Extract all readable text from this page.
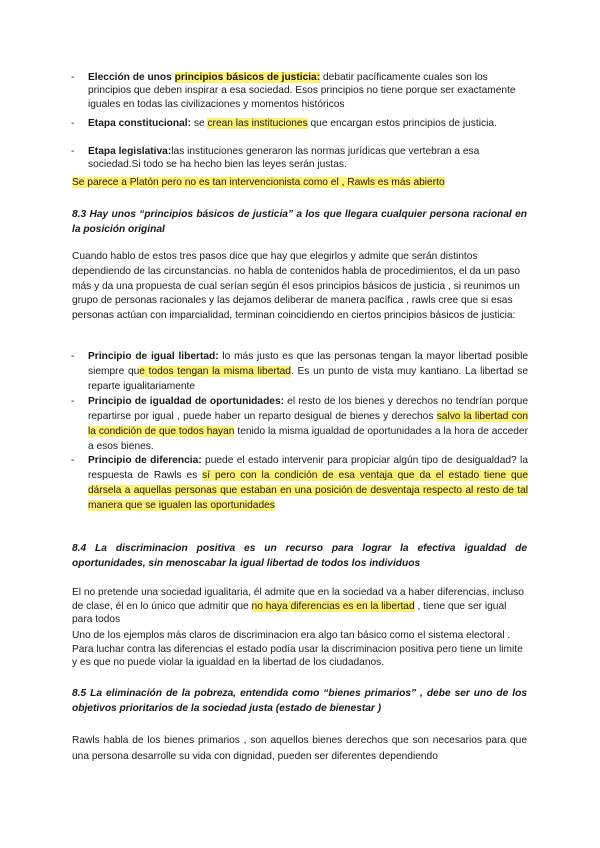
- Elección de unos principios básicos de justicia: debatir pacíficamente cuales son los principios que deben inspirar a esa sociedad. Esos principios no tiene porque ser exactamente iguales en todas las civilizaciones y momentos históricos
- Etapa constitucional: se crean las instituciones que encargan estos principios de justicia.
- Etapa legislativa:las instituciones generaron las normas jurídicas que vertebran a esa sociedad.Si todo se ha hecho bien las leyes serán justas.
Se parece a Platón pero no es tan intervencionista como el , Rawls es más abierto
8.3 Hay unos “principios básicos de justicia” a los que llegara cualquier persona racional en la posición original
Cuando hablo de estos tres pasos dice que hay que elegirlos y admite que serán distintos dependiendo de las circunstancias. no habla de contenidos habla de procedimientos, el da un paso más y da una propuesta de cual serían según él esos principios básicos de justicia , si reunimos un grupo de personas racionales y las dejamos deliberar de manera pacífica , rawls cree que si esas personas actúan con imparcialidad, terminan coincidiendo en ciertos principios básicos de justicia:
- Principio de igual libertad: lo más justo es que las personas tengan la mayor libertad posible siempre que todos tengan la misma libertad. Es un punto de vista muy kantiano. La libertad se reparte igualitariamente
- Principio de igualdad de oportunidades: el resto de los bienes y derechos no tendrían porque repartirse por igual , puede haber un reparto desigual de bienes y derechos salvo la libertad con la condición de que todos hayan tenido la misma igualdad de oportunidades a la hora de acceder a esos bienes.
- Principio de diferencia: puede el estado intervenir para propiciar algún tipo de desigualdad? la respuesta de Rawls es sí pero con la condición de esa ventaja que da el estado tiene que dársela a aquellas personas que estaban en una posición de desventaja respecto al resto de tal manera que se igualen las oportunidades
8.4 La discriminacion positiva es un recurso para lograr la efectiva igualdad de oportunidades, sin menoscabar la igual libertad de todos los individuos
El no pretende una sociedad igualitaria, él admite que en la sociedad va a haber diferencias, incluso de clase, él en lo único que admitir que no haya diferencias es en la libertad , tiene que ser igual para todos
Uno de los ejemplos más claros de discriminacion era algo tan básico como el sistema electoral . Para luchar contra las diferencias el estado podía usar la discriminacion positiva pero tiene un limite y es que no puede violar la igualdad en la libertad de los ciudadanos.
8.5 La eliminación de la pobreza, entendida como “bienes primarios” , debe ser uno de los objetivos prioritarios de la sociedad justa (estado de bienestar )
Rawls habla de los bienes primarios , son aquellos bienes derechos que son necesarios para que una persona desarrolle su vida con dignidad, pueden ser diferentes dependiendo
